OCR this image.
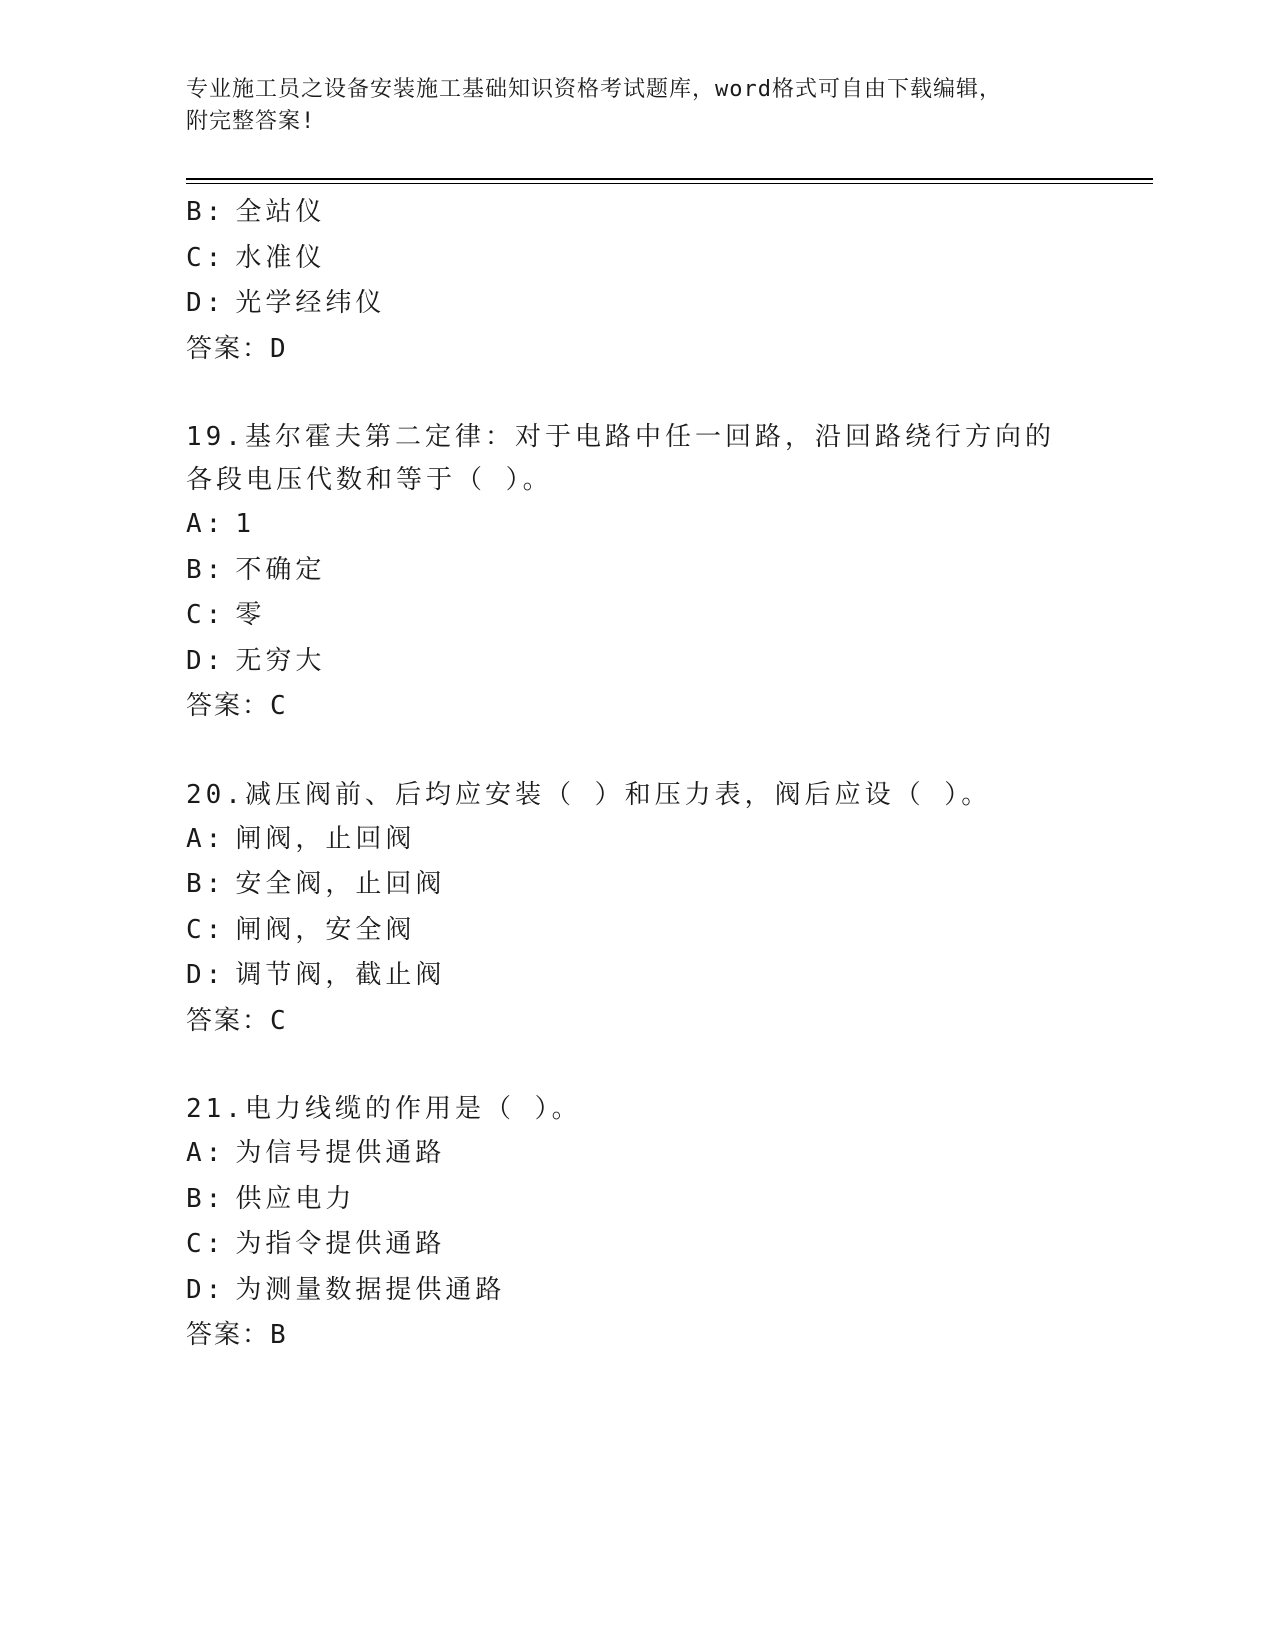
专业施工员之设备安装施工基础知识资格考试题库，word格式可自由下载编辑，
附完整答案!
B: 全站仪
C: 水准仪
D: 光学经纬仪
答案：D
19.基尔霍夫第二定律：对于电路中任一回路，沿回路绕行方向的各段电压代数和等于（ ）。
A: 1
B: 不确定
C: 零
D: 无穷大
答案：C
20.减压阀前、后均应安装（ ）和压力表，阀后应设（ ）。
A: 闸阀，止回阀
B: 安全阀，止回阀
C: 闸阀，安全阀
D: 调节阀，截止阀
答案：C
21.电力线缆的作用是（ ）。
A: 为信号提供通路
B: 供应电力
C: 为指令提供通路
D: 为测量数据提供通路
答案：B
